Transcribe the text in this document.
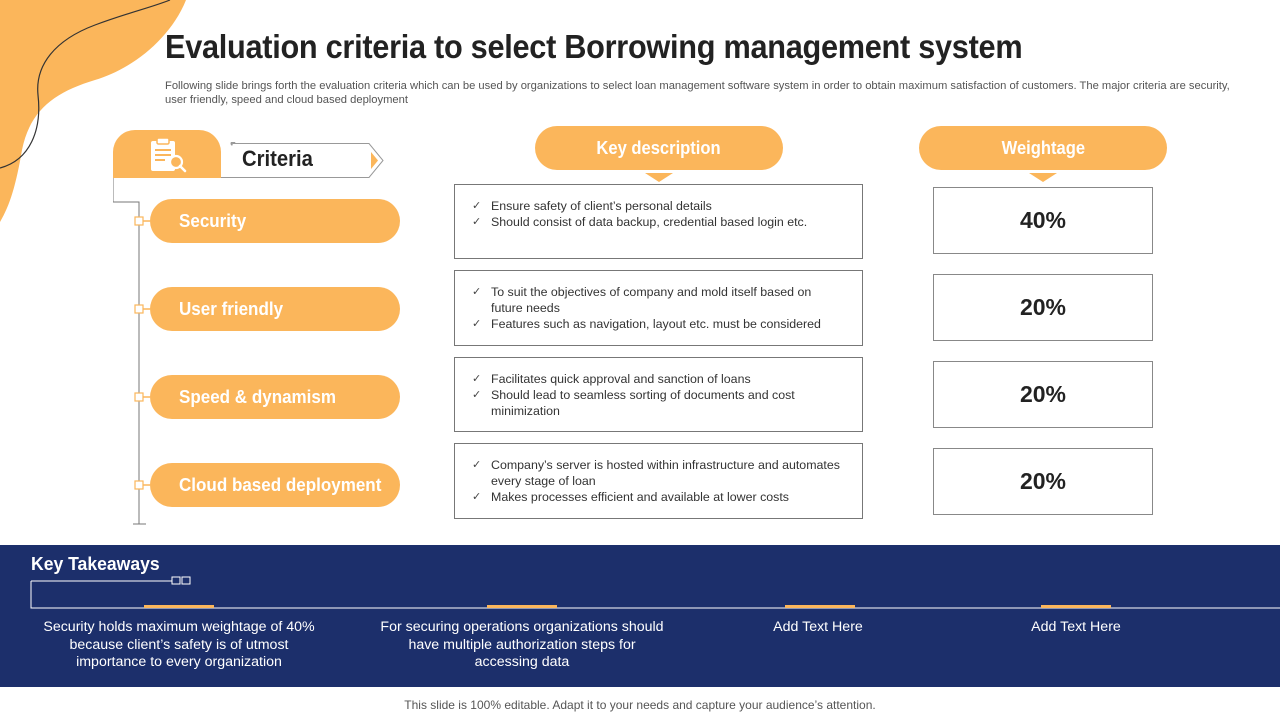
Evaluation criteria to select Borrowing management system
Following slide brings forth the evaluation criteria which can be used by organizations to select loan management software system in order to obtain maximum satisfaction of customers. The major criteria are security, user friendly, speed and cloud based deployment
Criteria
Security
User friendly
Speed & dynamism
Cloud based deployment
Key description	Weightage
✓ Ensure safety of client’s personal details
✓ Should consist of data backup, credential based login etc.
✓ To suit the objectives of company and mold itself based on future needs
✓ Features such as navigation, layout etc. must be considered
✓ Facilitates quick approval and sanction of loans
✓ Should lead to seamless sorting of documents and cost minimization
✓ Company’s server is hosted within infrastructure and automates every stage of loan
✓ Makes processes efficient and available at lower costs
40%
20%
20%
20%
Key Takeaways
Security holds maximum weightage of 40% because client’s safety is of utmost importance to every organization
For securing operations organizations should have multiple authorization steps for accessing data
Add Text Here	Add Text Here
This slide is 100% editable. Adapt it to your needs and capture your audience’s attention.
